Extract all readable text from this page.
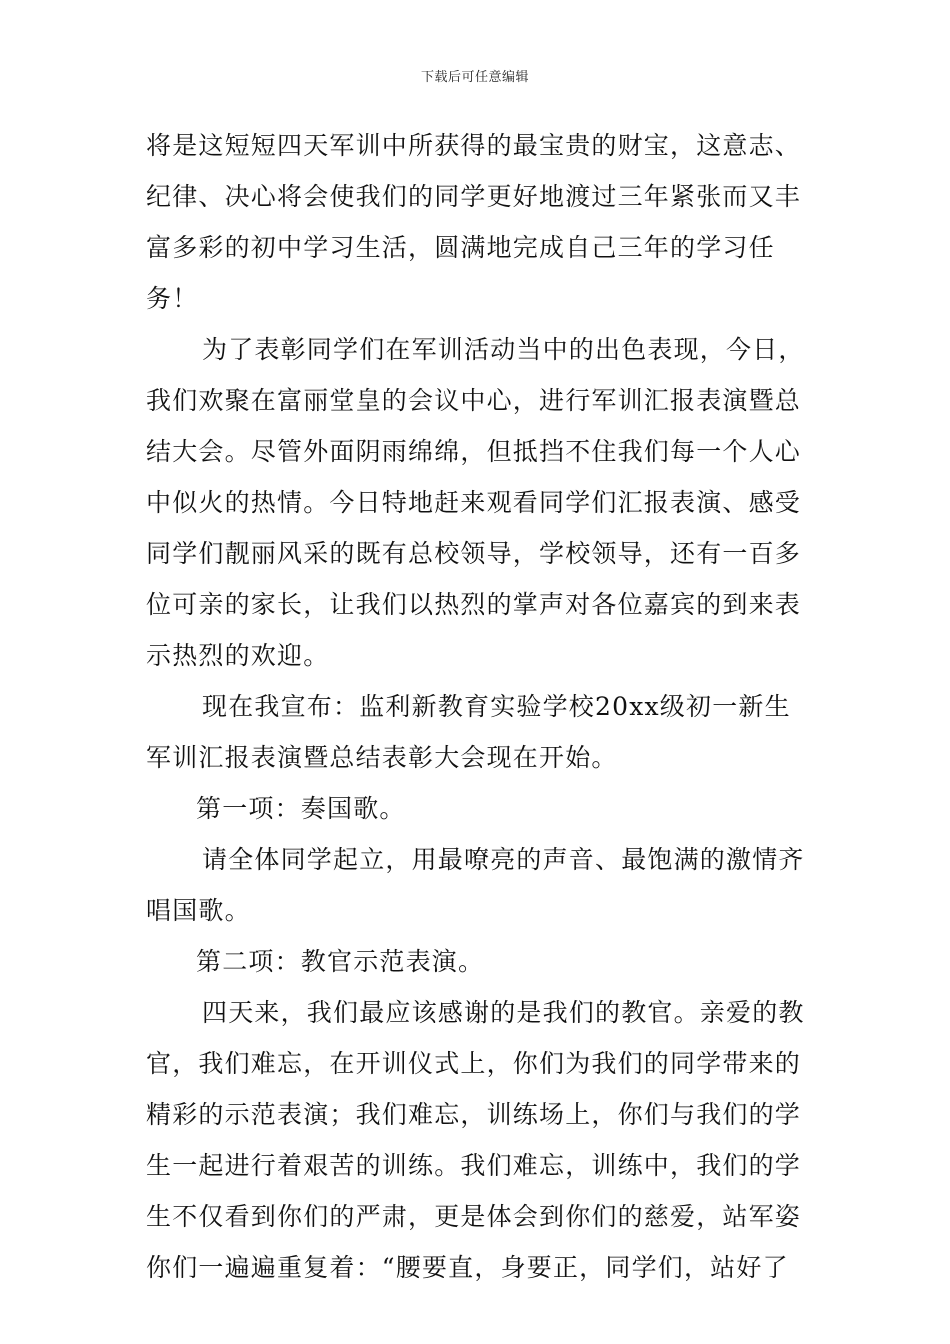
下载后可任意编辑

将是这短短四天军训中所获得的最宝贵的财宝，这意志、纪律、决心将会使我们的同学更好地渡过三年紧张而又丰富多彩的初中学习生活，圆满地完成自己三年的学习任务！

为了表彰同学们在军训活动当中的出色表现，今日，我们欢聚在富丽堂皇的会议中心，进行军训汇报表演暨总结大会。尽管外面阴雨绵绵，但抵挡不住我们每一个人心中似火的热情。今日特地赶来观看同学们汇报表演、感受同学们靓丽风采的既有总校领导，学校领导，还有一百多位可亲的家长，让我们以热烈的掌声对各位嘉宾的到来表示热烈的欢迎。

现在我宣布：监利新教育实验学校20xx级初一新生军训汇报表演暨总结表彰大会现在开始。

第一项：奏国歌。

请全体同学起立，用最嘹亮的声音、最饱满的激情齐唱国歌。

第二项：教官示范表演。

四天来，我们最应该感谢的是我们的教官。亲爱的教官，我们难忘，在开训仪式上，你们为我们的同学带来的精彩的示范表演；我们难忘，训练场上，你们与我们的学生一起进行着艰苦的训练。我们难忘，训练中，我们的学生不仅看到你们的严肃，更是体会到你们的慈爱，站军姿你们一遍遍重复着：“腰要直，身要正，同学们，站好了
